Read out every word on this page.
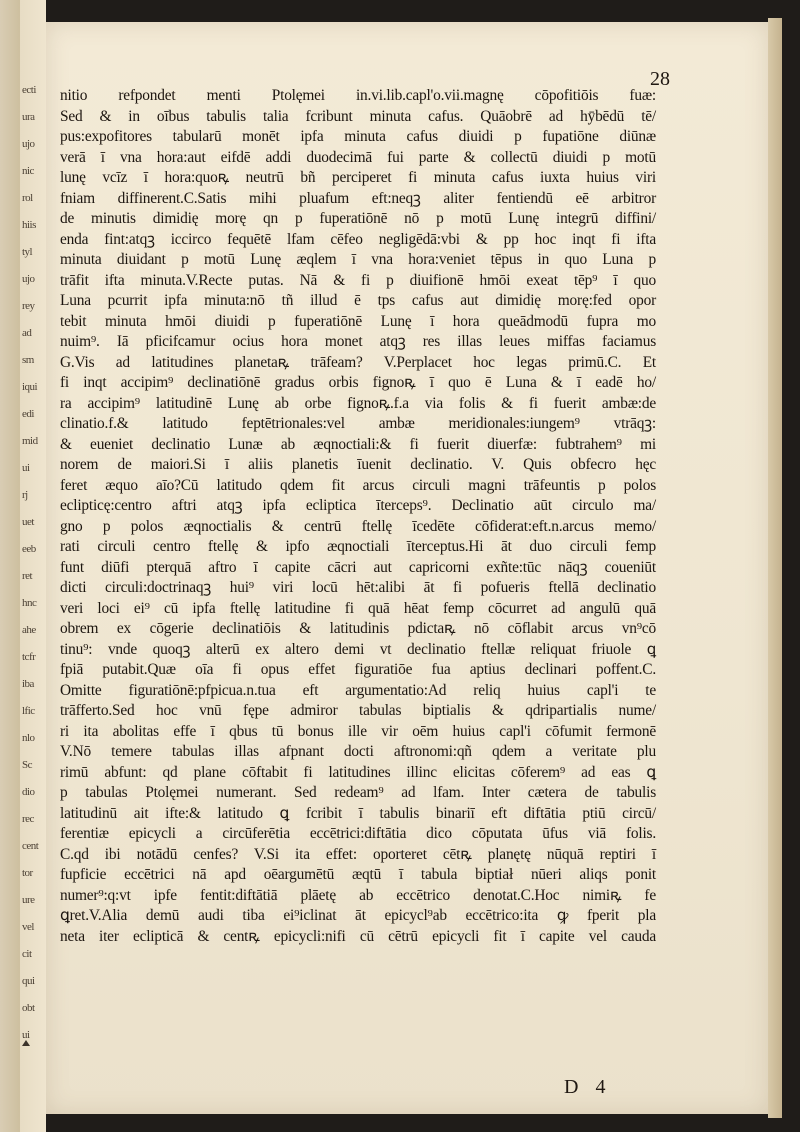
ecti
ura
ujo
nic
rol
hiis
tyl
ujo
rey
ad
sm
iqui
edi
mid
ui
rj
uet
eeb
ret
hnc
ahe
tcfr
iba
lfic
nlo
Sc
dio
rec
cent
tor
ure
vel
cit
qui
obt
ui
28
nitio refpondet menti Ptolęmei in.vi.lib.capl'o.vii.magnę cōpofitiōis fuæ:
Sed & in oībus tabulis talia fcribunt minuta cafus. Quāobrē ad hȳbēdū tē/
pus:expofitores tabularū monēt ipfa minuta cafus diuidi p fupatiōne diūnæ
verā ī vna hora:aut eifdē addi duodecimā fui parte & collectū diuidi p motū
lunę vcīz ī hora:quoꝶ neutrū bñ perciperet fi minuta cafus iuxta huius viri
fniam diffinerent.C.Satis mihi pluafum eft:neqꝫ aliter fentiendū eē arbitror
de minutis dimidię morę qn p fuperatiōnē nō p motū Lunę integrū diffini/
enda fint:atqꝫ iccirco fequētē lfam cēfeo negligēdā:vbi & pp hoc inqt fi ifta
minuta diuidant p motū Lunę æqlem ī vna hora:veniet tēpus in quo Luna p
trāfit ifta minuta.V.Recte putas. Nā & fi p diuifionē hmōi exeat tēp⁹ ī quo
Luna pcurrit ipfa minuta:nō tñ illud ē tps cafus aut dimidię morę:fed opor
tebit minuta hmōi diuidi p fuperatiōnē Lunę ī hora queādmodū fupra mo
nuim⁹. Iā pficifcamur ocius hora monet atqꝫ res illas leues miffas faciamus
G.Vis ad latitudines planetaꝶ trāfeam? V.Perplacet hoc legas primū.C. Et
fi inqt accipim⁹ declinatiōnē gradus orbis fignoꝶ ī quo ē Luna & ī eadē ho/
ra accipim⁹ latitudinē Lunę ab orbe fignoꝶ.f.a via folis & fi fuerit ambæ:de
clinatio.f.& latitudo feptētrionales:vel ambæ meridionales:iungem⁹ vtrāqꝫ:
& eueniet declinatio Lunæ ab æqnoctiali:& fi fuerit diuerfæ: fubtrahem⁹ mi
norem de maiori.Si ī aliis planetis īuenit declinatio. V. Quis obfecro hęc
feret æquo aīo?Cū latitudo qdem fit arcus circuli magni trāfeuntis p polos
eclipticę:centro aftri atqꝫ ipfa ecliptica īterceps⁹. Declinatio aūt circulo ma/
gno p polos æqnoctialis & centrū ftellę īcedēte cōfiderat:eft.n.arcus memo/
rati circuli centro ftellę & ipfo æqnoctiali īterceptus.Hi āt duo circuli femp
funt diūfi pterquā aftro ī capite cācri aut capricorni exñte:tūc nāqꝫ coueniūt
dicti circuli:doctrinaqꝫ hui⁹ viri locū hēt:alibi āt fi pofueris ftellā declinatio
veri loci ei⁹ cū ipfa ftellę latitudine fi quā hēat femp cōcurret ad angulū quā
obrem ex cōgerie declinatiōis & latitudinis pdictaꝶ nō cōflabit arcus vn⁹cō
tinu⁹: vnde quoqꝫ alterū ex altero demi vt declinatio ftellæ reliquat friuole ꝗ
fpiā putabit.Quæ oīa fi opus effet figuratiōe fua aptius declinari poffent.C.
Omitte figuratiōnē:pfpicua.n.tua eft argumentatio:Ad reliq huius capl'i te
trāfferto.Sed hoc vnū fępe admiror tabulas biptialis & qdripartialis nume/
ri ita abolitas effe ī qbus tū bonus ille vir oēm huius capl'i cōfumit fermonē
V.Nō temere tabulas illas afpnant docti aftronomi:qñ qdem a veritate plu
rimū abfunt: qd plane cōftabit fi latitudines illinc elicitas cōferem⁹ ad eas ꝗ
p tabulas Ptolęmei numerant. Sed redeam⁹ ad lfam. Inter cætera de tabulis
latitudinū ait ifte:& latitudo ꝗ fcribit ī tabulis binariī eft diftātia ptiū circū/
ferentiæ epicycli a circūferētia eccētrici:diftātia dico cōputata ūfus viā folis.
C.qd ibi notādū cenfes? V.Si ita effet: oporteret cētꝶ planętę nūquā reptiri ī
fupficie eccētrici nā apd oēargumētū æqtū ī tabula biptiał nūeri aliqs ponit
numer⁹:q:vt ipfe fentit:diftātiā plāetę ab eccētrico denotat.C.Hoc nimiꝶ fe
ꝗret.V.Alia demū audi tiba ei⁹iclinat āt epicycl⁹ab eccētrico:ita ꝙ fperit pla
neta iter eclipticā & centꝶ epicycli:nifi cū cētrū epicycli fit ī capite vel cauda
D 4
